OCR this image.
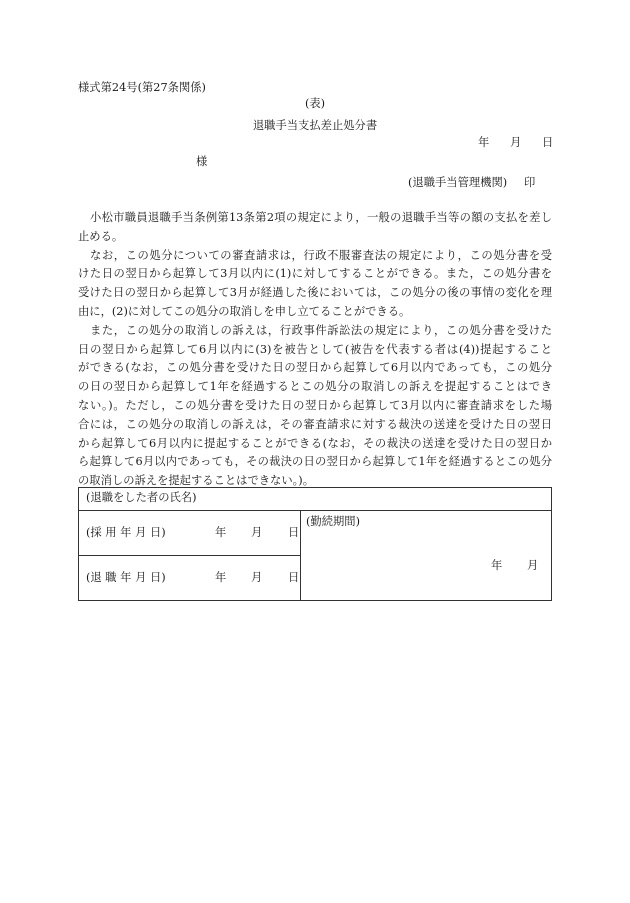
様式第24号(第27条関係)
(表)
退職手当支払差止処分書
年 月 日
様
(退職手当管理機関) 印
小松市職員退職手当条例第13条第2項の規定により，一般の退職手当等の額の支払を差し
止める。
なお，この処分についての審査請求は，行政不服審査法の規定により，この処分書を受
けた日の翌日から起算して3月以内に(1)に対してすることができる。また，この処分書を
受けた日の翌日から起算して3月が経過した後においては，この処分の後の事情の変化を理
由に，(2)に対してこの処分の取消しを申し立てることができる。
また，この処分の取消しの訴えは，行政事件訴訟法の規定により，この処分書を受けた
日の翌日から起算して6月以内に(3)を被告として(被告を代表する者は(4))提起すること
ができる(なお，この処分書を受けた日の翌日から起算して6月以内であっても，この処分
の日の翌日から起算して1年を経過するとこの処分の取消しの訴えを提起することはでき
ない。)。ただし，この処分書を受けた日の翌日から起算して3月以内に審査請求をした場
合には，この処分の取消しの訴えは，その審査請求に対する裁決の送達を受けた日の翌日
から起算して6月以内に提起することができる(なお，その裁決の送達を受けた日の翌日か
ら起算して6月以内であっても，その裁決の日の翌日から起算して1年を経過するとこの処分
の取消しの訴えを提起することはできない。)。
(退職をした者の氏名)
(採 用 年 月 日)	年 月 日
(退 職 年 月 日)	年 月 日
(勤続期間)
年 月
